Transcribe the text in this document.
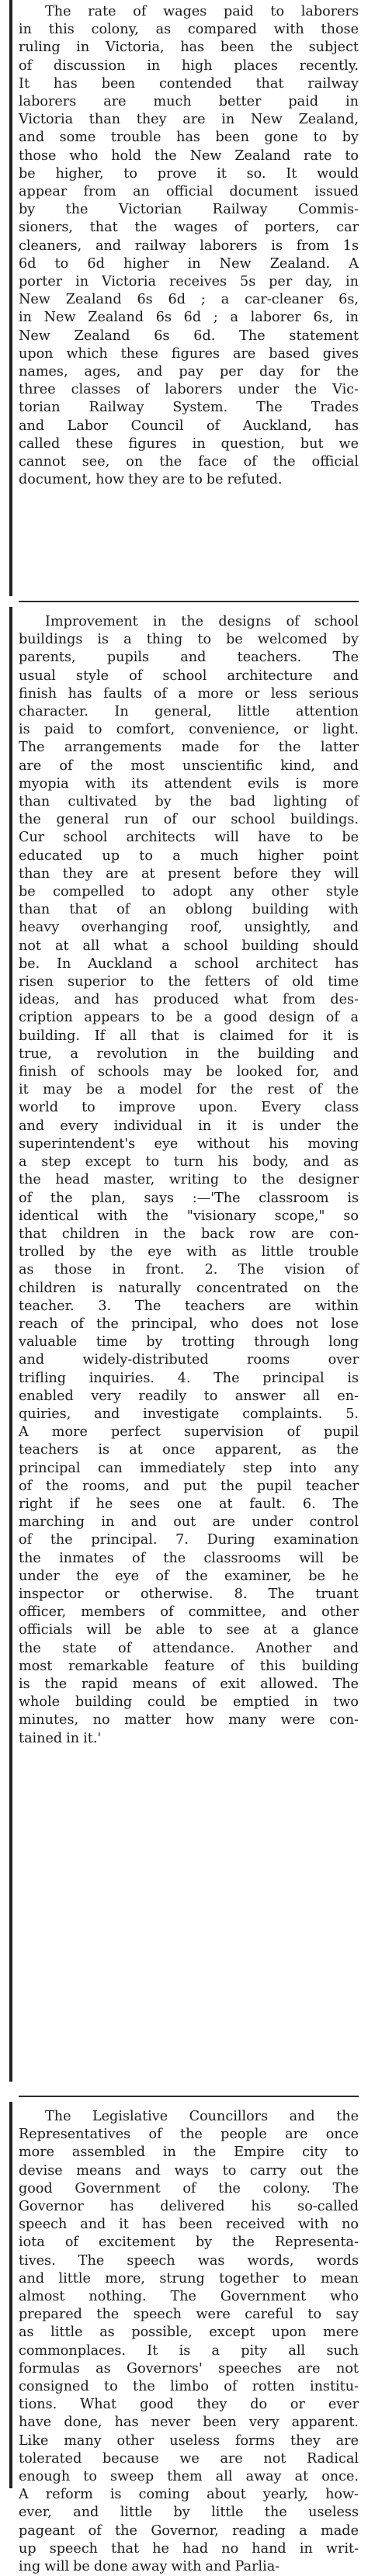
The rate of wages paid to laborers
in this colony, as compared with those
ruling in Victoria, has been the subject
of discussion in high places recently.
It has been contended that railway
laborers are much better paid in
Victoria than they are in New Zealand,
and some trouble has been gone to by
those who hold the New Zealand rate to
be higher, to prove it so. It would
appear from an official document issued
by the Victorian Railway Commis-
sioners, that the wages of porters, car
cleaners, and railway laborers is from 1s
6d to 6d higher in New Zealand. A
porter in Victoria receives 5s per day, in
New Zealand 6s 6d ; a car-cleaner 6s,
in New Zealand 6s 6d ; a laborer 6s, in
New Zealand 6s 6d. The statement
upon which these figures are based gives
names, ages, and pay per day for the
three classes of laborers under the Vic-
torian Railway System. The Trades
and Labor Council of Auckland, has
called these figures in question, but we
cannot see, on the face of the official
document, how they are to be refuted.

Improvement in the designs of school
buildings is a thing to be welcomed by
parents, pupils and teachers. The
usual style of school architecture and
finish has faults of a more or less serious
character. In general, little attention
is paid to comfort, convenience, or light.
The arrangements made for the latter
are of the most unscientific kind, and
myopia with its attendent evils is more
than cultivated by the bad lighting of
the general run of our school buildings.
Cur school architects will have to be
educated up to a much higher point
than they are at present before they will
be compelled to adopt any other style
than that of an oblong building with
heavy overhanging roof, unsightly, and
not at all what a school building should
be. In Auckland a school architect has
risen superior to the fetters of old time
ideas, and has produced what from des-
cription appears to be a good design of a
building. If all that is claimed for it is
true, a revolution in the building and
finish of schools may be looked for, and
it may be a model for the rest of the
world to improve upon. Every class
and every individual in it is under the
superintendent's eye without his moving
a step except to turn his body, and as
the head master, writing to the designer
of the plan, says :—'The classroom is
identical with the "visionary scope," so
that children in the back row are con-
trolled by the eye with as little trouble
as those in front. 2. The vision of
children is naturally concentrated on the
teacher. 3. The teachers are within
reach of the principal, who does not lose
valuable time by trotting through long
and widely-distributed rooms over
trifling inquiries. 4. The principal is
enabled very readily to answer all en-
quiries, and investigate complaints. 5.
A more perfect supervision of pupil
teachers is at once apparent, as the
principal can immediately step into any
of the rooms, and put the pupil teacher
right if he sees one at fault. 6. The
marching in and out are under control
of the principal. 7. During examination
the inmates of the classrooms will be
under the eye of the examiner, be he
inspector or otherwise. 8. The truant
officer, members of committee, and other
officials will be able to see at a glance
the state of attendance. Another and
most remarkable feature of this building
is the rapid means of exit allowed. The
whole building could be emptied in two
minutes, no matter how many were con-
tained in it.'

The Legislative Councillors and the
Representatives of the people are once
more assembled in the Empire city to
devise means and ways to carry out the
good Government of the colony. The
Governor has delivered his so-called
speech and it has been received with no
iota of excitement by the Representa-
tives. The speech was words, words
and little more, strung together to mean
almost nothing. The Government who
prepared the speech were careful to say
as little as possible, except upon mere
commonplaces. It is a pity all such
formulas as Governors' speeches are not
consigned to the limbo of rotten institu-
tions. What good they do or ever
have done, has never been very apparent.
Like many other useless forms they are
tolerated because we are not Radical
enough to sweep them all away at once.
A reform is coming about yearly, how-
ever, and little by little the useless
pageant of the Governor, reading a made
up speech that he had no hand in writ-
ing will be done away with and Parlia-
